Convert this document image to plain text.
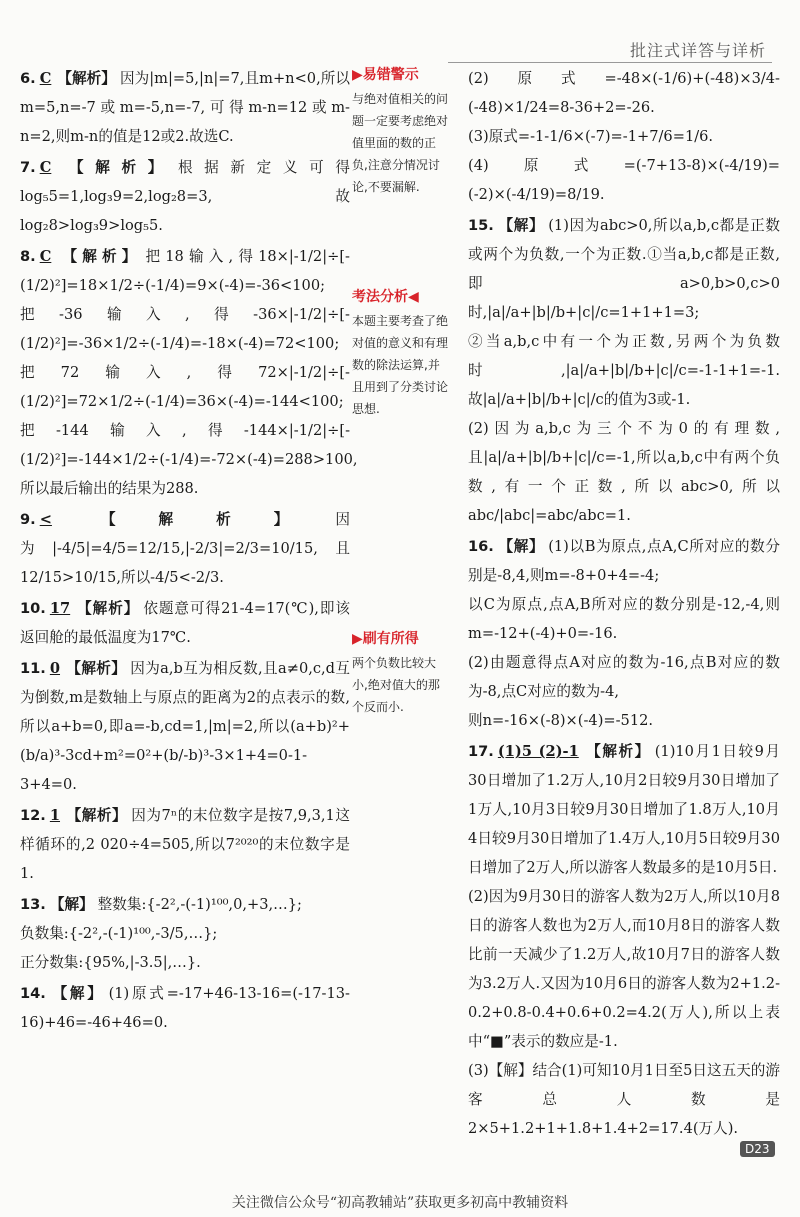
批注式详答与详析

6. C 【解析】 因为|m|=5,|n|=7,且m+n<0,所以m=5,n=-7或m=-5,n=-7,可得m-n=12或m-n=2,则m-n的值是12或2.故选C.

7. C 【解析】 根据新定义可得log₅5=1,log₃9=2,log₂8=3,故log₂8>log₃9>log₅5.

8. C 【解析】 把18输入,得18×|-1/2|÷[-(1/2)²]=18×1/2÷(-1/4)=9×(-4)=-36<100;把-36输入,得-36×|-1/2|÷[-(1/2)²]=-36×1/2÷(-1/4)=-18×(-4)=72<100;把72输入,得72×|-1/2|÷[-(1/2)²]=72×1/2÷(-1/4)=36×(-4)=-144<100;把-144输入,得-144×|-1/2|÷[-(1/2)²]=-144×1/2÷(-1/4)=-72×(-4)=288>100,所以最后输出的结果为288.

9. < 【解析】 因为|-4/5|=4/5=12/15,|-2/3|=2/3=10/15,且12/15>10/15,所以-4/5<-2/3.

10. 17 【解析】 依题意可得21-4=17(℃),即该返回舱的最低温度为17℃.

11. 0 【解析】 因为a,b互为相反数,且a≠0,c,d互为倒数,m是数轴上与原点的距离为2的点表示的数,所以a+b=0,即a=-b,cd=1,|m|=2,所以(a+b)²+(b/a)³-3cd+m²=0²+(b/-b)³-3×1+4=0-1-3+4=0.

12. 1 【解析】 因为7ⁿ的末位数字是按7,9,3,1这样循环的,2 020÷4=505,所以7²⁰²⁰的末位数字是1.

13. 【解】 整数集:{-2²,-(-1)¹⁰⁰,0,+3,…};

负数集:{-2²,-(-1)¹⁰⁰,-3/5,…};

正分数集:{95%,|-3.5|,…}.

14. 【解】 (1)原式=-17+46-13-16=(-17-13-16)+46=-46+46=0.

▶易错警示
与绝对值相关的问题一定要考虑绝对值里面的数的正负,注意分情况讨论,不要漏解.
考法分析◀
本题主要考查了绝对值的意义和有理数的除法运算,并且用到了分类讨论思想.
▶刷有所得
两个负数比较大小,绝对值大的那个反而小.

(2)原式=-48×(-1/6)+(-48)×3/4-(-48)×1/24=8-36+2=-26.

(3)原式=-1-1/6×(-7)=-1+7/6=1/6.

(4)原式=(-7+13-8)×(-4/19)=(-2)×(-4/19)=8/19.

15. 【解】 (1)因为abc>0,所以a,b,c都是正数或两个为负数,一个为正数.①当a,b,c都是正数,即a>0,b>0,c>0时,|a|/a+|b|/b+|c|/c=1+1+1=3;

②当a,b,c中有一个为正数,另两个为负数时,|a|/a+|b|/b+|c|/c=-1-1+1=-1.故|a|/a+|b|/b+|c|/c的值为3或-1.

(2)因为a,b,c为三个不为0的有理数,且|a|/a+|b|/b+|c|/c=-1,所以a,b,c中有两个负数,有一个正数,所以abc>0,所以abc/|abc|=abc/abc=1.

16. 【解】 (1)以B为原点,点A,C所对应的数分别是-8,4,则m=-8+0+4=-4;

以C为原点,点A,B所对应的数分别是-12,-4,则m=-12+(-4)+0=-16.

(2)由题意得点A对应的数为-16,点B对应的数为-8,点C对应的数为-4,

则n=-16×(-8)×(-4)=-512.

17. (1)5 (2)-1 【解析】 (1)10月1日较9月30日增加了1.2万人,10月2日较9月30日增加了1万人,10月3日较9月30日增加了1.8万人,10月4日较9月30日增加了1.4万人,10月5日较9月30日增加了2万人,所以游客人数最多的是10月5日.

(2)因为9月30日的游客人数为2万人,所以10月8日的游客人数也为2万人,而10月8日的游客人数比前一天减少了1.2万人,故10月7日的游客人数为3.2万人.又因为10月6日的游客人数为2+1.2-0.2+0.8-0.4+0.6+0.2=4.2(万人),所以上表中“■”表示的数应是-1.

(3)【解】结合(1)可知10月1日至5日这五天的游客总人数是2×5+1.2+1+1.8+1.4+2=17.4(万人).

D23
关注微信公众号“初高教辅站”获取更多初高中教辅资料
